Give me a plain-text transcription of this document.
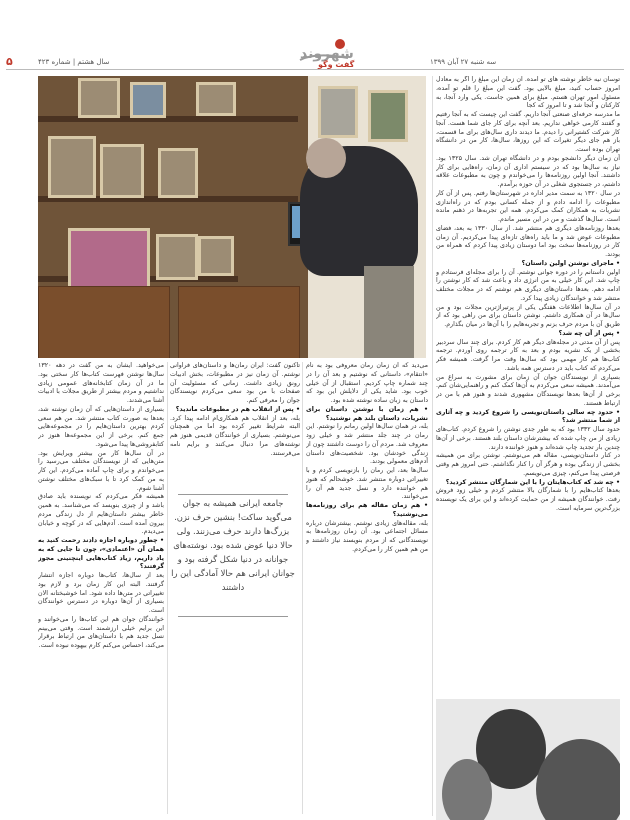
۵	سال هشتم | شماره ۴۲۳	شهروند
گفت وگو	سه شنبه ۲۷ آبان ۱۳۹۹

توسان نیه خاطر نوشته های تو آمده. آن زمان این مبلغ را اگر به معادل امروز حساب کنید، مبلغ بالایی بود. گفت این مبلغ را قلم تو آمده، مسئول امور تهران هستم. مبلغ برای همین جاست. یکی وارد آنجا، به کارکنان و آنجا شد و تا امروز که کجا

ما مدرسه حرفه‌ای صنعتی آنجا داریم. گفت این چیست که به آنجا رفتیم و گفتند کارمی خواهی نداریم. بعد آنچه برای کار جای شما هست. آنجا کار شرکت کشتیرانی را دیدم. ما دیدند داری سال‌های برای ما قسمت، باز هم جای دیگر تغیرات که این روزها، سال‌ها، کار من در دانشگاه تهران بوده است.

آن زمان دیگر دانشجو بودم و در دانشگاه تهران شد. سال ۱۳۲۵ بود. نیاز به سال‌ها بود که در سیستم اداری آن زمان، راه‌هایی برای کار داشتند. آنجا اولین روزنامه‌ها را می‌خواندم و چون به مطبوعات علاقه داشتم، در جستجوی شغلی در آن حوزه برآمدم.

در سال ۱۳۲۰ به سمت مدیر اداره در شهرستان‌ها رفتم. پس از آن کار مطبوعات را ادامه دادم و از جمله کسانی بودم که در راه‌اندازی نشریات به همکاران کمک می‌کردم. همه این تجربه‌ها در ذهنم مانده است. سال‌ها گذشت و من در این مسیر ماندم.

بعدها روزنامه‌های دیگری هم منتشر شد. از سال ۱۳۳۰ به بعد، فضای مطبوعات عوض شد و ما باید راه‌های تازه‌ای پیدا می‌کردیم. آن زمان کار در روزنامه‌ها سخت بود اما دوستان زیادی پیدا کردم که همراه من بودند.

• ماجرای نوشتن اولین داستان؟

اولین داستانم را در دوره جوانی نوشتم. آن را برای مجله‌ای فرستادم و چاپ شد. این کار خیلی به من انرژی داد و باعث شد که کار نوشتن را ادامه دهم. بعدها داستان‌های دیگری هم نوشتم که در مجلات مختلف منتشر شد و خوانندگان زیادی پیدا کرد.

در آن سال‌ها اطلاعات هفتگی یکی از پرتیراژترین مجلات بود و من سال‌ها در آن همکاری داشتم. نوشتن داستان برای من راهی بود که از طریق آن با مردم حرف بزنم و تجربه‌هایم را با آن‌ها در میان بگذارم.

• پس از آن چه شد؟

پس از آن مدتی در مجله‌های دیگر هم کار کردم. برای چند سال سردبیر بخشی از یک نشریه بودم و بعد به کار ترجمه روی آوردم. ترجمه کتاب‌ها هم کار مهمی بود که سال‌ها وقت مرا گرفت. همیشه فکر می‌کردم که کتاب باید در دسترس همه باشد.

بسیاری از نویسندگان جوان آن زمان برای مشورت به سراغ من می‌آمدند. همیشه سعی می‌کردم به آن‌ها کمک کنم و راهنمایی‌شان کنم. برخی از آن‌ها بعدها نویسندگان مشهوری شدند و هنوز هم با من در ارتباط هستند.

• حدود چه سالی داستان‌نویسی را شروع کردید و چه آثاری از شما منتشر شد؟

حدود سال ۱۳۳۲ بود که به طور جدی نوشتن را شروع کردم. کتاب‌های زیادی از من چاپ شده که بیشترشان داستان بلند هستند. برخی از آن‌ها چندین بار تجدید چاپ شده‌اند و هنوز خواننده دارند.

در کنار داستان‌نویسی، مقاله هم می‌نوشتم. نوشتن برای من همیشه بخشی از زندگی بوده و هرگز آن را کنار نگذاشتم. حتی امروز هم وقتی فرصتی پیدا می‌کنم، چیزی می‌نویسم.

• چه شد که کتاب‌هایتان را با این شمارگان منتشر کردید؟

بعدها کتاب‌هایم را با شمارگان بالا منتشر کردم و خیلی زود فروش رفت. خوانندگان همیشه از من حمایت کرده‌اند و این برای یک نویسنده بزرگ‌ترین سرمایه است.

می‌دید که آن زمان رمان معروفی بود به نام «انتقام»، داستانی که نوشتیم و بعد آن را در چند شماره چاپ کردیم. استقبال از آن خیلی خوب بود. شاید یکی از دلایلش این بود که داستان به زبان ساده نوشته شده بود.

• هم زمان با نوشتن داستان برای نشریات، داستان بلند هم نوشتید؟

بله، در همان سال‌ها اولین رمانم را نوشتم. این رمان در چند جلد منتشر شد و خیلی زود معروف شد. مردم آن را دوست داشتند چون از زندگی خودشان بود. شخصیت‌های داستان آدم‌های معمولی بودند.

سال‌ها بعد، این رمان را بازنویسی کردم و با تغییراتی دوباره منتشر شد. خوشحالم که هنوز هم خواننده دارد و نسل جدید هم آن را می‌خوانند.

• هم زمان مقاله هم برای روزنامه‌ها می‌نوشتید؟

بله، مقاله‌های زیادی نوشتم. بیشترشان درباره مسائل اجتماعی بود. آن زمان روزنامه‌ها به نویسندگانی که از مردم بنویسند نیاز داشتند و من هم همین کار را می‌کردم.

تاکنون گفت: ایران رمان‌ها و داستان‌های فراوانی نوشتم. آن زمان نیز در مطبوعات، بخش ادبیات رونق زیادی داشت. زمانی که مسئولیت آن صفحات با من بود سعی می‌کردم نویسندگان جوان را معرفی کنم.

• پس از انقلاب هم در مطبوعات ماندید؟

بله، بعد از انقلاب هم همکاری‌ام ادامه پیدا کرد. البته شرایط تغییر کرده بود اما من همچنان می‌نوشتم. بسیاری از خوانندگان قدیمی هنوز هم نوشته‌های مرا دنبال می‌کنند و برایم نامه می‌فرستند.

جامعه ایرانی همیشه به جوان می‌گوید ساکت! بنشین حرف نزن. بزرگ‌ها دارند حرف می‌زنند. ولی حالا دنیا عوض شده بود. نوشته‌های جوانانه در دنیا شکل گرفته بود و جوانان ایرانی هم حالا آمادگی این را داشتند

می‌خواهید. ایشان به من گفت در دهه ۱۳۲۰ سال‌ها نوشتن فهرست کتاب‌ها کار سختی بود. ما در آن زمان کتابخانه‌های عمومی زیادی نداشتیم و مردم بیشتر از طریق مجلات با ادبیات آشنا می‌شدند.

بسیاری از داستان‌هایی که آن زمان نوشته شد، بعدها به صورت کتاب منتشر شد. من هم سعی کردم بهترین داستان‌هایم را در مجموعه‌هایی جمع کنم. برخی از این مجموعه‌ها هنوز در کتابفروشی‌ها پیدا می‌شود.

در آن سال‌ها کار من بیشتر ویرایش بود. متن‌هایی که از نویسندگان مختلف می‌رسید را می‌خواندم و برای چاپ آماده می‌کردم. این کار به من کمک کرد تا با سبک‌های مختلف نوشتن آشنا شوم.

همیشه فکر می‌کردم که نویسنده باید صادق باشد و از چیزی بنویسد که می‌شناسد. به همین خاطر بیشتر داستان‌هایم از دل زندگی مردم بیرون آمده است. آدم‌هایی که در کوچه و خیابان می‌دیدم.

• چطور دوباره اجازه دادند رحمت کنید به همان آن «اعتمادی»، چون تا جایی که به یاد داریم، زیاد کتاب‌هایی اینچنینی مجوز گرفتند؟

بعد از سال‌ها، کتاب‌ها دوباره اجازه انتشار گرفتند. البته این کار زمان برد و لازم بود تغییراتی در متن‌ها داده شود. اما خوشبختانه الان بسیاری از آن‌ها دوباره در دسترس خوانندگان است.

خوانندگان جوان هم این کتاب‌ها را می‌خوانند و این برایم خیلی ارزشمند است. وقتی می‌بینم نسل جدید هم با داستان‌های من ارتباط برقرار می‌کند، احساس می‌کنم کارم بیهوده نبوده است.
